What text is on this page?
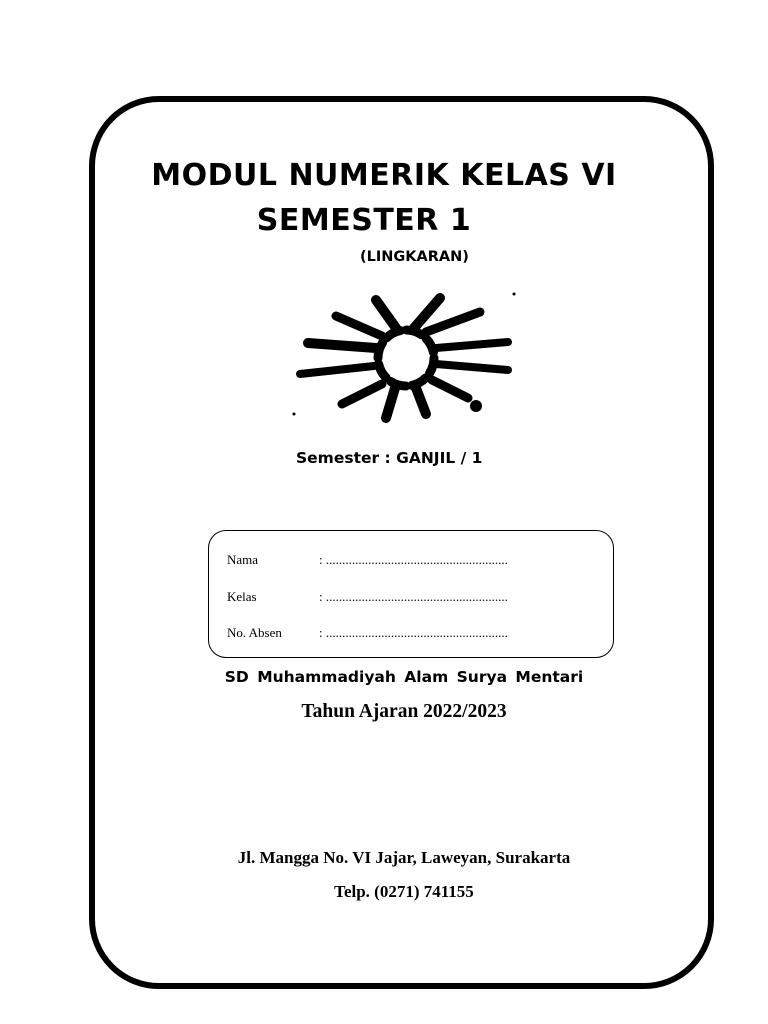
MODUL NUMERIK KELAS VI
SEMESTER 1
(LINGKARAN)
Semester : GANJIL / 1
Nama	: ........................................................
Kelas	: ........................................................
No. Absen	: ........................................................
SD Muhammadiyah Alam Surya Mentari
Tahun Ajaran 2022/2023
Jl. Mangga No. VI Jajar, Laweyan, Surakarta
Telp. (0271) 741155
